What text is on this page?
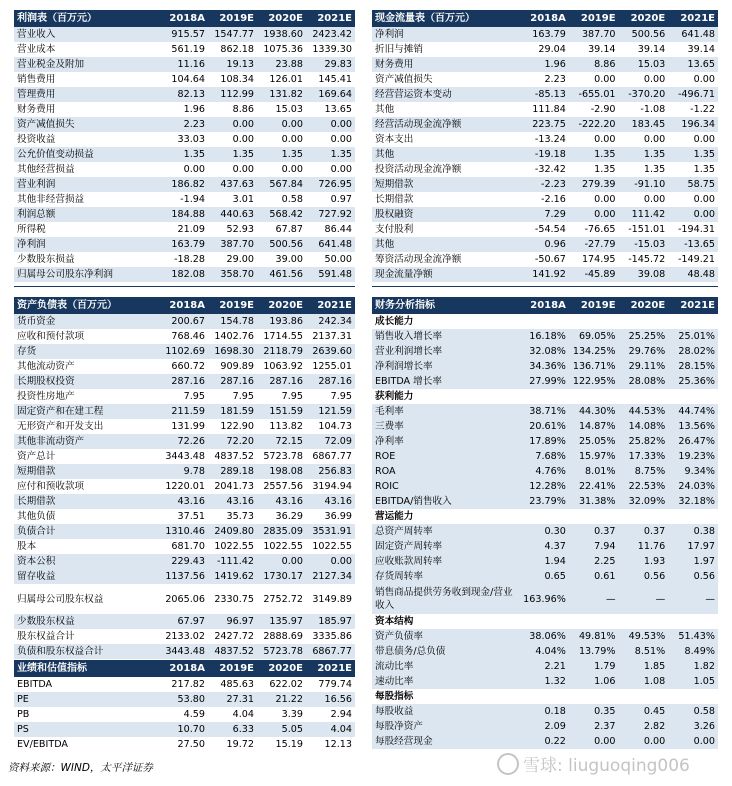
利润表（百万元）	2018A	2019E	2020E	2021E
营业收入	915.57	1547.77	1938.60	2423.42
营业成本	561.19	862.18	1075.36	1339.30
营业税金及附加	11.16	19.13	23.88	29.83
销售费用	104.64	108.34	126.01	145.41
管理费用	82.13	112.99	131.82	169.64
财务费用	1.96	8.86	15.03	13.65
资产减值损失	2.23	0.00	0.00	0.00
投资收益	33.03	0.00	0.00	0.00
公允价值变动损益	1.35	1.35	1.35	1.35
其他经营损益	0.00	0.00	0.00	0.00
营业利润	186.82	437.63	567.84	726.95
其他非经营损益	-1.94	3.01	0.58	0.97
利润总额	184.88	440.63	568.42	727.92
所得税	21.09	52.93	67.87	86.44
净利润	163.79	387.70	500.56	641.48
少数股东损益	-18.28	29.00	39.00	50.00
归属母公司股东净利润	182.08	358.70	461.56	591.48
现金流量表（百万元）	2018A	2019E	2020E	2021E
净利润	163.79	387.70	500.56	641.48
折旧与摊销	29.04	39.14	39.14	39.14
财务费用	1.96	8.86	15.03	13.65
资产减值损失	2.23	0.00	0.00	0.00
经营营运资本变动	-85.13	-655.01	-370.20	-496.71
其他	111.84	-2.90	-1.08	-1.22
经营活动现金流净额	223.75	-222.20	183.45	196.34
资本支出	-13.24	0.00	0.00	0.00
其他	-19.18	1.35	1.35	1.35
投资活动现金流净额	-32.42	1.35	1.35	1.35
短期借款	-2.23	279.39	-91.10	58.75
长期借款	-2.16	0.00	0.00	0.00
股权融资	7.29	0.00	111.42	0.00
支付股利	-54.54	-76.65	-151.01	-194.31
其他	0.96	-27.79	-15.03	-13.65
筹资活动现金流净额	-50.67	174.95	-145.72	-149.21
现金流量净额	141.92	-45.89	39.08	48.48
资产负债表（百万元）	2018A	2019E	2020E	2021E
货币资金	200.67	154.78	193.86	242.34
应收和预付款项	768.46	1402.76	1714.55	2137.31
存货	1102.69	1698.30	2118.79	2639.60
其他流动资产	660.72	909.89	1063.92	1255.01
长期股权投资	287.16	287.16	287.16	287.16
投资性房地产	7.95	7.95	7.95	7.95
固定资产和在建工程	211.59	181.59	151.59	121.59
无形资产和开发支出	131.99	122.90	113.82	104.73
其他非流动资产	72.26	72.20	72.15	72.09
资产总计	3443.48	4837.52	5723.78	6867.77
短期借款	9.78	289.18	198.08	256.83
应付和预收款项	1220.01	2041.73	2557.56	3194.94
长期借款	43.16	43.16	43.16	43.16
其他负债	37.51	35.73	36.29	36.99
负债合计	1310.46	2409.80	2835.09	3531.91
股本	681.70	1022.55	1022.55	1022.55
资本公积	229.43	-111.42	0.00	0.00
留存收益	1137.56	1419.62	1730.17	2127.34
归属母公司股东权益	2065.06	2330.75	2752.72	3149.89
少数股东权益	67.97	96.97	135.97	185.97
股东权益合计	2133.02	2427.72	2888.69	3335.86
负债和股东权益合计	3443.48	4837.52	5723.78	6867.77
业绩和估值指标	2018A	2019E	2020E	2021E
EBITDA	217.82	485.63	622.02	779.74
PE	53.80	27.31	21.22	16.56
PB	4.59	4.04	3.39	2.94
PS	10.70	6.33	5.05	4.04
EV/EBITDA	27.50	19.72	15.19	12.13
财务分析指标	2018A	2019E	2020E	2021E
成长能力				
销售收入增长率	16.18%	69.05%	25.25%	25.01%
营业利润增长率	32.08%	134.25%	29.76%	28.02%
净利润增长率	34.36%	136.71%	29.11%	28.15%
EBITDA 增长率	27.99%	122.95%	28.08%	25.36%
获利能力				
毛利率	38.71%	44.30%	44.53%	44.74%
三费率	20.61%	14.87%	14.08%	13.56%
净利率	17.89%	25.05%	25.82%	26.47%
ROE	7.68%	15.97%	17.33%	19.23%
ROA	4.76%	8.01%	8.75%	9.34%
ROIC	12.28%	22.41%	22.53%	24.03%
EBITDA/销售收入	23.79%	31.38%	32.09%	32.18%
营运能力				
总资产周转率	0.30	0.37	0.37	0.38
固定资产周转率	4.37	7.94	11.76	17.97
应收账款周转率	1.94	2.25	1.93	1.97
存货周转率	0.65	0.61	0.56	0.56
销售商品提供劳务收到现金/营业收入	163.96%	—	—	—
资本结构				
资产负债率	38.06%	49.81%	49.53%	51.43%
带息债务/总负债	4.04%	13.79%	8.51%	8.49%
流动比率	2.21	1.79	1.85	1.82
速动比率	1.32	1.06	1.08	1.05
每股指标				
每股收益	0.18	0.35	0.45	0.58
每股净资产	2.09	2.37	2.82	3.26
每股经营现金	0.22	0.00	0.00	0.00
资料来源：WIND，太平洋证券	雪球: liuguoqing006
